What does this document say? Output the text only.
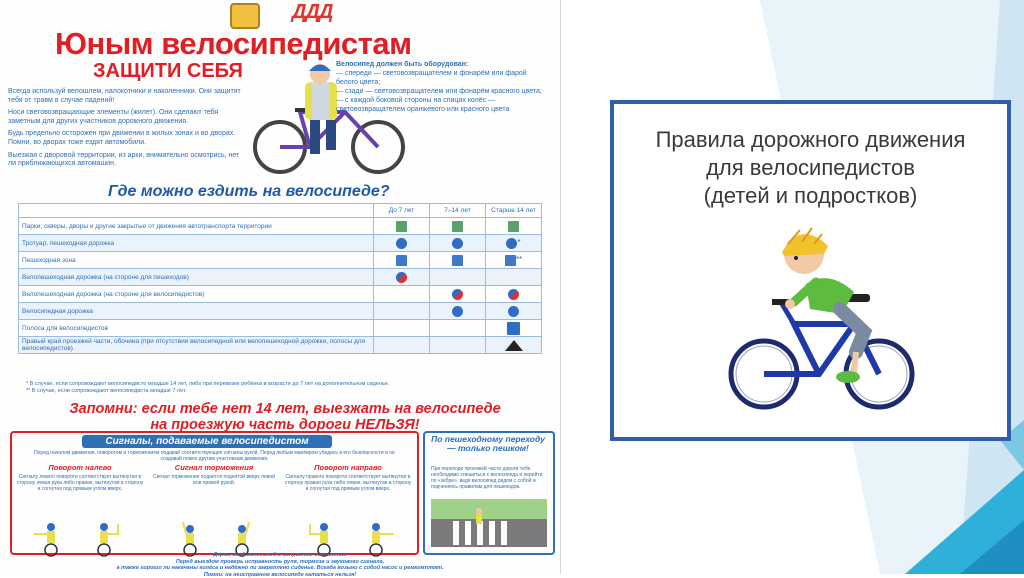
ДДД
Юным велосипедистам
ЗАЩИТИ СЕБЯ

Всегда используй велошлем, налокотники и наколенники. Они защитят тебя от травм в случае падений!

Носи световозвращающие элементы (жилет). Они сделают тебя заметным для других участников дорожного движения.

Будь предельно осторожен при движении в жилых зонах и во дворах. Помни, во дворах тоже ездят автомобили.

Выезжая с дворовой территории, из арки, внимательно осмотрись, нет ли приближающихся автомашин.

Велосипед должен быть оборудован:
— спереди — световозвращателем и фонарём или фарой белого цвета;
— сзади — световозвращателем или фонарём красного цвета;
— с каждой боковой стороны на спицах колёс — световозвращателем оранжевого или красного цвета
Где можно ездить на велосипеде?
	До 7 лет	7–14 лет	Старше 14 лет
Парки, скверы, дворы и другие закрытые от движения автотранспорта территории			
Тротуар, пешеходная дорожка			*
Пешеходная зона			**
Велопешеходная дорожка (на стороне для пешеходов)			
Велопешеходная дорожка (на стороне для велосипедистов)			
Велосипедная дорожка			
Полоса для велосипедистов			
Правый край проезжей части, обочина (при отсутствии велосипедной или велопешеходной дорожки, полосы для велосипедистов)			
* В случае, если сопровождают велосипедисто младше 14 лет, либо при перевозке ребёнка в возрасте до 7 лет на дополнительном сиденье.
** В случае, если сопровождают велосипедиста младше 7 лет.
Запомни: если тебе нет 14 лет, выезжать на велосипеде
на проезжую часть дороги НЕЛЬЗЯ!
Сигналы, подаваемые велосипедистом
Перед началом движения, поворотом и торможением подавай соответствующие сигналы рукой. Перед любым манёвром убедись в его безопасности и не создавай помех другим участникам движения.
Поворот налево
Сигналу левого поворота соответствует вытянутая в сторону левая рука либо правая, вытянутая в сторону и согнутая под прямым углом вверх.
Сигнал торможения
Сигнал торможения подаётся поднятой вверх левой или правой рукой.
Поворот направо
Сигналу правого поворота соответствует вытянутая в сторону правая рука либо левая, вытянутая в сторону и согнутая под прямым углом вверх.
По пешеходному переходу — только пешком!
При переходе проезжей части дороги тебе необходимо спешиться с велосипеда и перейти по «зебре», ведя велосипед рядом с собой и подчиняясь правилам для пешеходов.
Держи свой велосипед в исправном состоянии.
Перед выездом проверь исправность руля, тормоза и звукового сигнала,
а также хорошо ли накачаны колёса и надёжно ли закреплено сиденье. Всегда возьми с собой насос и ремкомплект.
Помни: на неисправном велосипеде кататься нельзя!
Правила дорожного движения
для велосипедистов
(детей и подростков)
